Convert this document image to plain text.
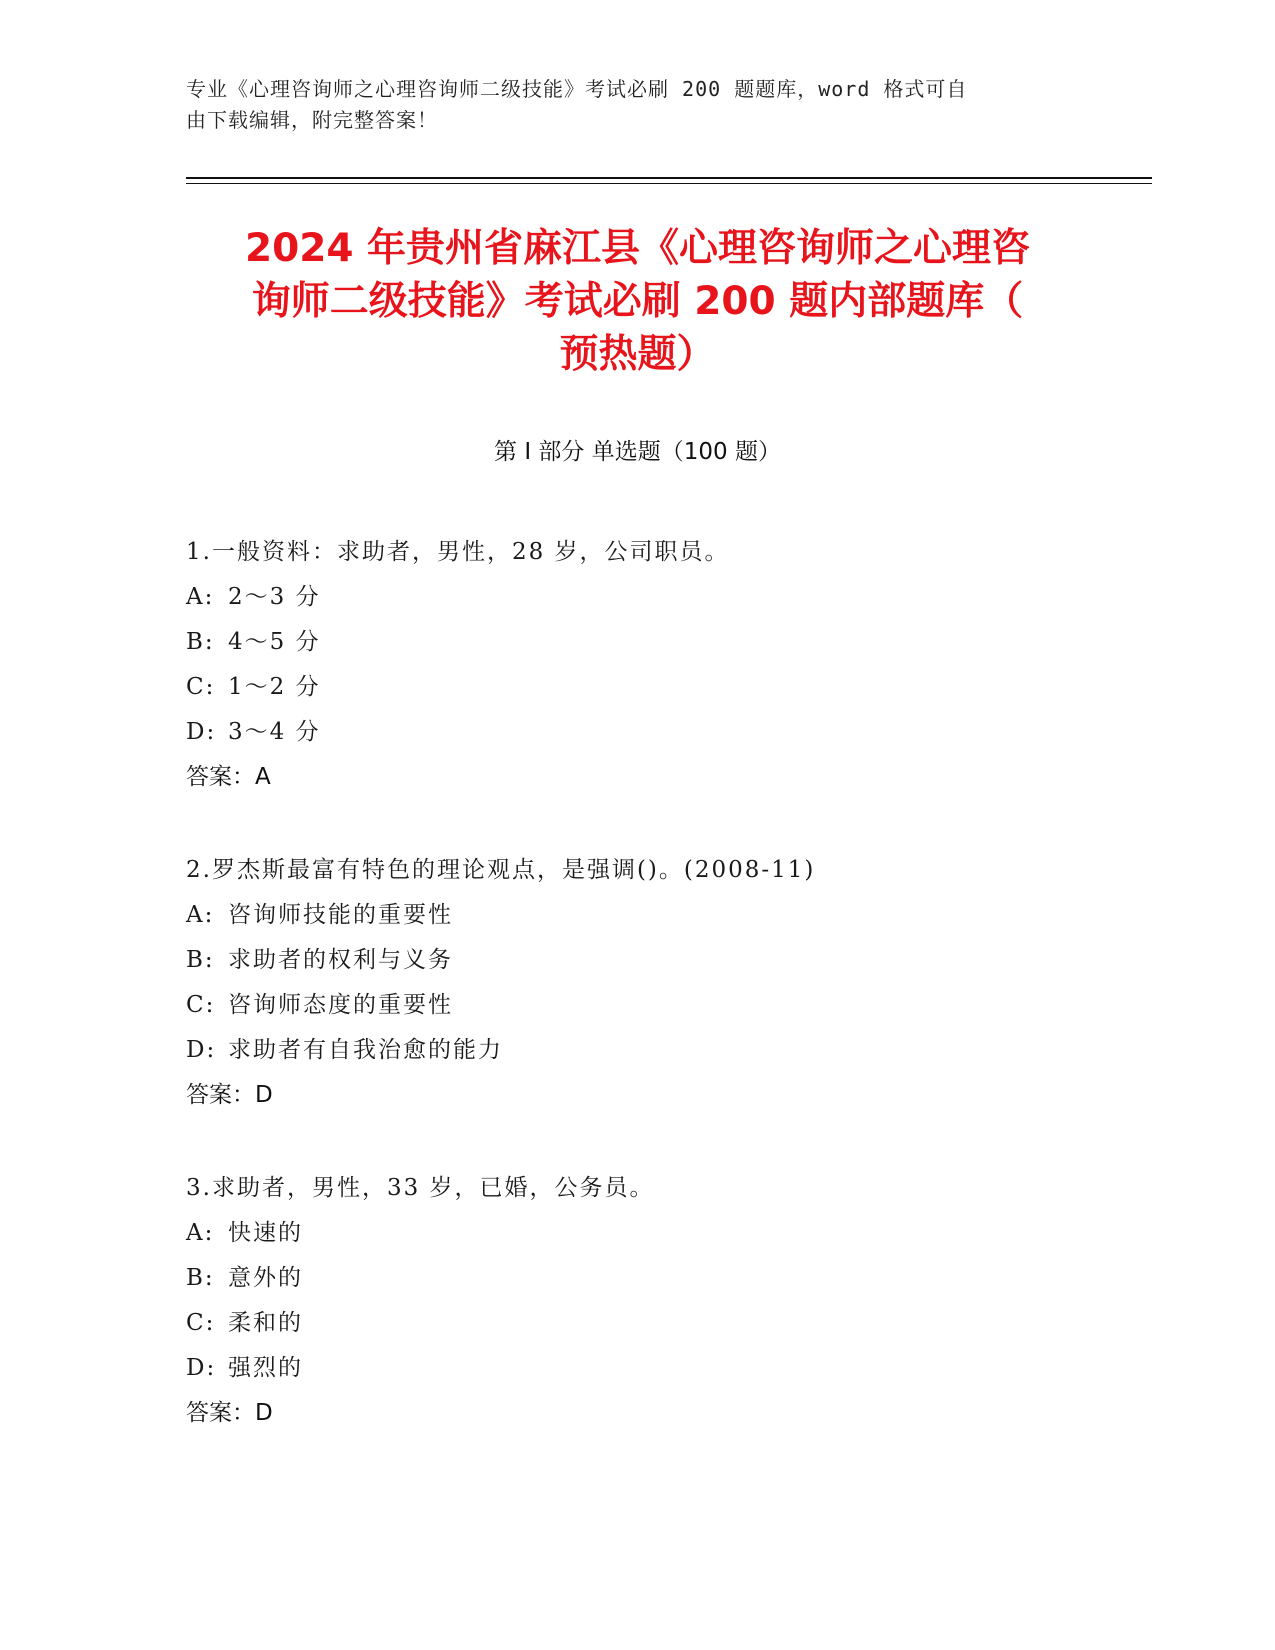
专业《心理咨询师之心理咨询师二级技能》考试必刷 200 题题库，word 格式可自
由下载编辑，附完整答案！
2024 年贵州省麻江县《心理咨询师之心理咨
询师二级技能》考试必刷 200 题内部题库（
预热题）
第 I 部分 单选题（100 题）
1.一般资料：求助者，男性，28 岁，公司职员。
A: 2～3 分
B: 4～5 分
C: 1～2 分
D: 3～4 分
答案：A
2.罗杰斯最富有特色的理论观点，是强调()。(2008-11)
A: 咨询师技能的重要性
B: 求助者的权利与义务
C: 咨询师态度的重要性
D: 求助者有自我治愈的能力
答案：D
3.求助者，男性，33 岁，已婚，公务员。
A: 快速的
B: 意外的
C: 柔和的
D: 强烈的
答案：D
